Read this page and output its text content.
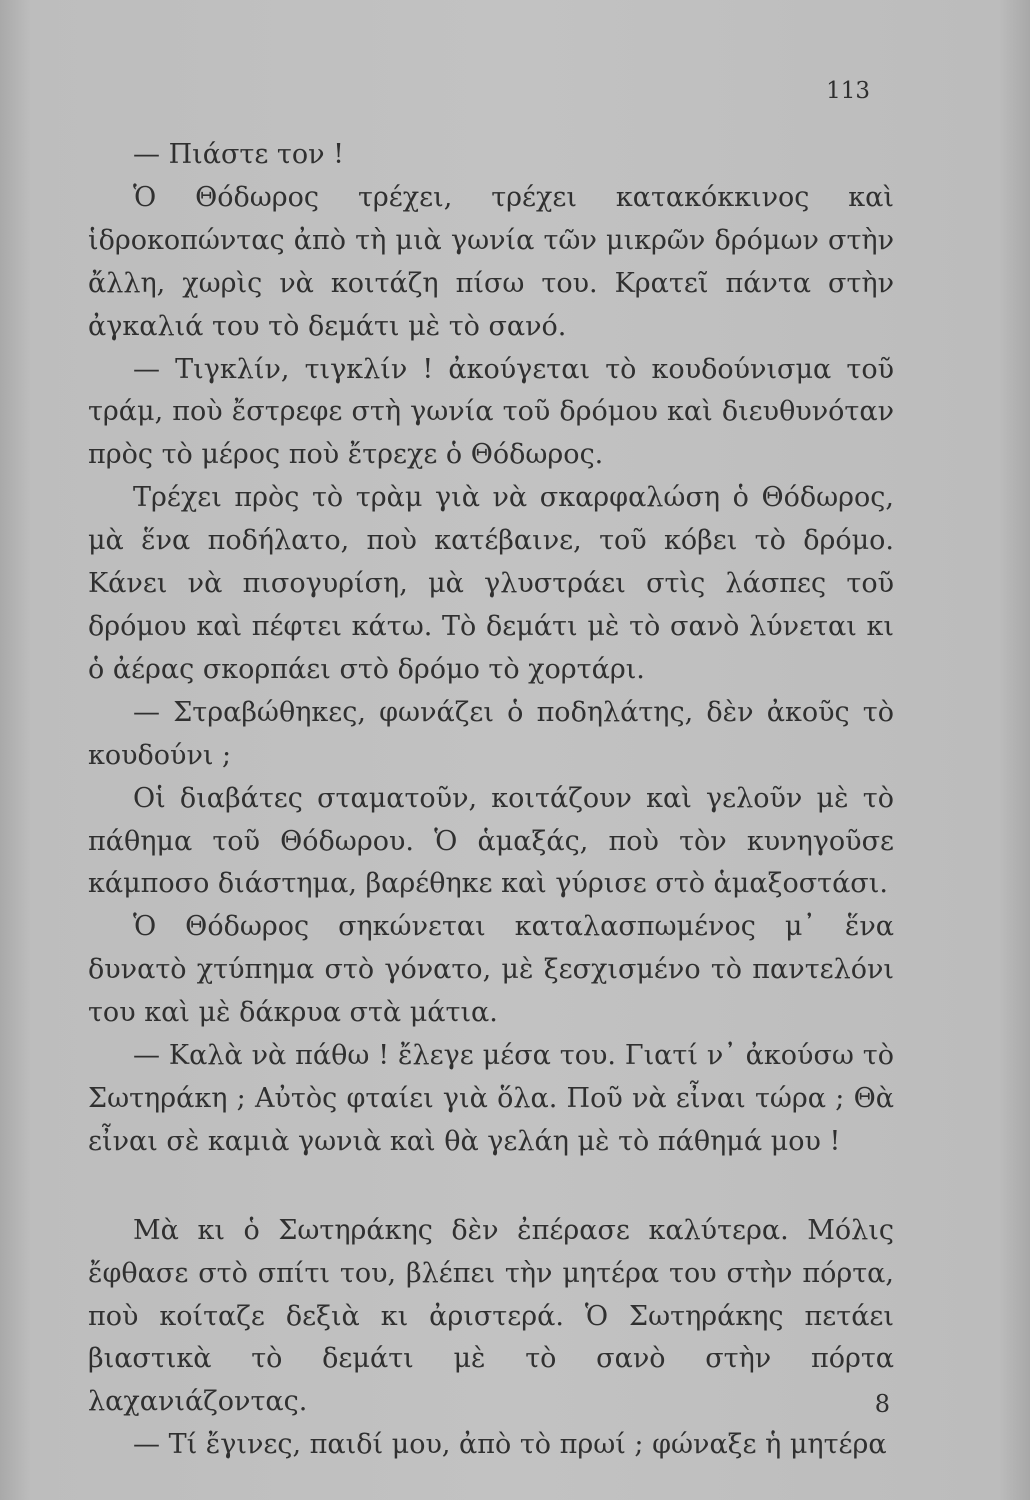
113

— Πιάστε τον !

Ὁ Θόδωρος τρέχει, τρέχει κατακόκκινος καὶ ἱδροκοπώντας ἀπὸ τὴ μιὰ γωνία τῶν μικρῶν δρόμων στὴν ἄλλη, χωρὶς νὰ κοιτάζη πίσω του. Κρατεῖ πάντα στὴν ἀγκαλιά του τὸ δεμάτι μὲ τὸ σανό.

— Τιγκλίν, τιγκλίν ! ἀκούγεται τὸ κουδούνισμα τοῦ τράμ, ποὺ ἔστρεφε στὴ γωνία τοῦ δρόμου καὶ διευθυνόταν πρὸς τὸ μέρος ποὺ ἔτρεχε ὁ Θόδωρος.

Τρέχει πρὸς τὸ τρὰμ γιὰ νὰ σκαρφαλώση ὁ Θόδωρος, μὰ ἕνα ποδήλατο, ποὺ κατέβαινε, τοῦ κόβει τὸ δρόμο. Κάνει νὰ πισογυρίση, μὰ γλυστράει στὶς λάσπες τοῦ δρόμου καὶ πέφτει κάτω. Τὸ δεμάτι μὲ τὸ σανὸ λύνεται κι ὁ ἀέρας σκορπάει στὸ δρόμο τὸ χορτάρι.

— Στραβώθηκες, φωνάζει ὁ ποδηλάτης, δὲν ἀκοῦς τὸ κουδούνι ;

Οἱ διαβάτες σταματοῦν, κοιτάζουν καὶ γελοῦν μὲ τὸ πάθημα τοῦ Θόδωρου. Ὁ ἁμαξάς, ποὺ τὸν κυνηγοῦσε κάμποσο διάστημα, βαρέθηκε καὶ γύρισε στὸ ἁμαξοστάσι.

Ὁ Θόδωρος σηκώνεται καταλασπωμένος μ᾿ ἕνα δυνατὸ χτύπημα στὸ γόνατο, μὲ ξεσχισμένο τὸ παντελόνι του καὶ μὲ δάκρυα στὰ μάτια.

— Καλὰ νὰ πάθω ! ἔλεγε μέσα του. Γιατί ν᾿ ἀκούσω τὸ Σωτηράκη ; Αὐτὸς φταίει γιὰ ὅλα. Ποῦ νὰ εἶναι τώρα ; Θὰ εἶναι σὲ καμιὰ γωνιὰ καὶ θὰ γελάη μὲ τὸ πάθημά μου !

Μὰ κι ὁ Σωτηράκης δὲν ἐπέρασε καλύτερα. Μόλις ἔφθασε στὸ σπίτι του, βλέπει τὴν μητέρα του στὴν πόρτα, ποὺ κοίταζε δεξιὰ κι ἀριστερά. Ὁ Σωτηράκης πετάει βιαστικὰ τὸ δεμάτι μὲ τὸ σανὸ στὴν πόρτα λαχανιάζοντας.

— Τί ἔγινες, παιδί μου, ἀπὸ τὸ πρωί ; φώναξε ἡ μητέρα

8
